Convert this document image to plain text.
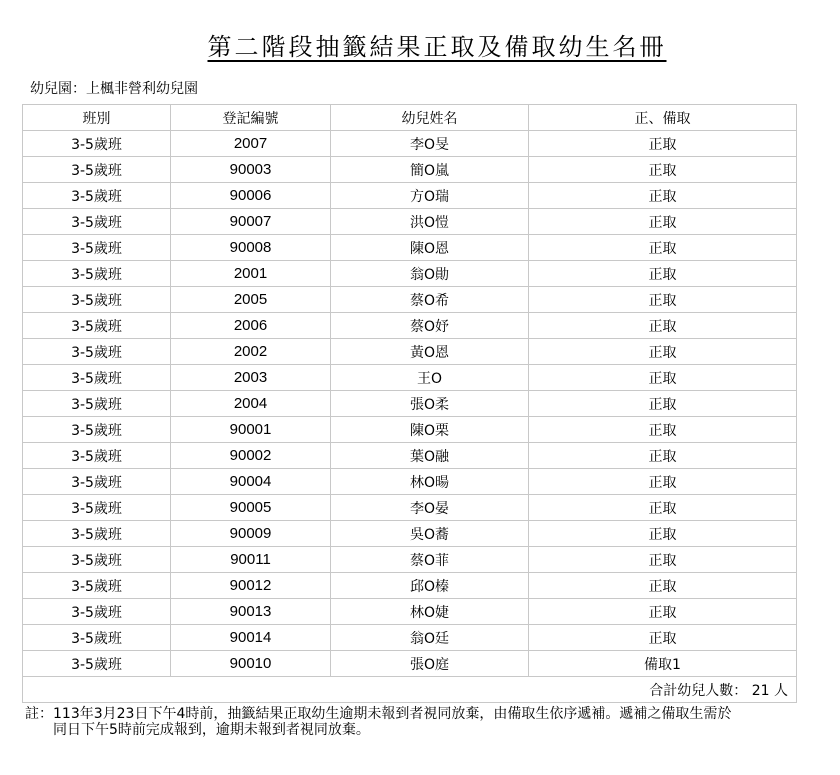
第二階段抽籤結果正取及備取幼生名冊
幼兒園：上楓非營利幼兒園
班別	登記編號	幼兒姓名	正、備取
3-5歲班	2007	李O旻	正取
3-5歲班	90003	簡O嵐	正取
3-5歲班	90006	方O瑞	正取
3-5歲班	90007	洪O愷	正取
3-5歲班	90008	陳O恩	正取
3-5歲班	2001	翁O勛	正取
3-5歲班	2005	蔡O希	正取
3-5歲班	2006	蔡O妤	正取
3-5歲班	2002	黃O恩	正取
3-5歲班	2003	王O	正取
3-5歲班	2004	張O柔	正取
3-5歲班	90001	陳O栗	正取
3-5歲班	90002	葉O融	正取
3-5歲班	90004	林O暘	正取
3-5歲班	90005	李O晏	正取
3-5歲班	90009	吳O蕎	正取
3-5歲班	90011	蔡O菲	正取
3-5歲班	90012	邱O榛	正取
3-5歲班	90013	林O婕	正取
3-5歲班	90014	翁O廷	正取
3-5歲班	90010	張O庭	備取1
合計幼兒人數： 21 人			
註：113年3月23日下午4時前，抽籤結果正取幼生逾期未報到者視同放棄，由備取生依序遞補。遞補之備取生需於
同日下午5時前完成報到，逾期未報到者視同放棄。
